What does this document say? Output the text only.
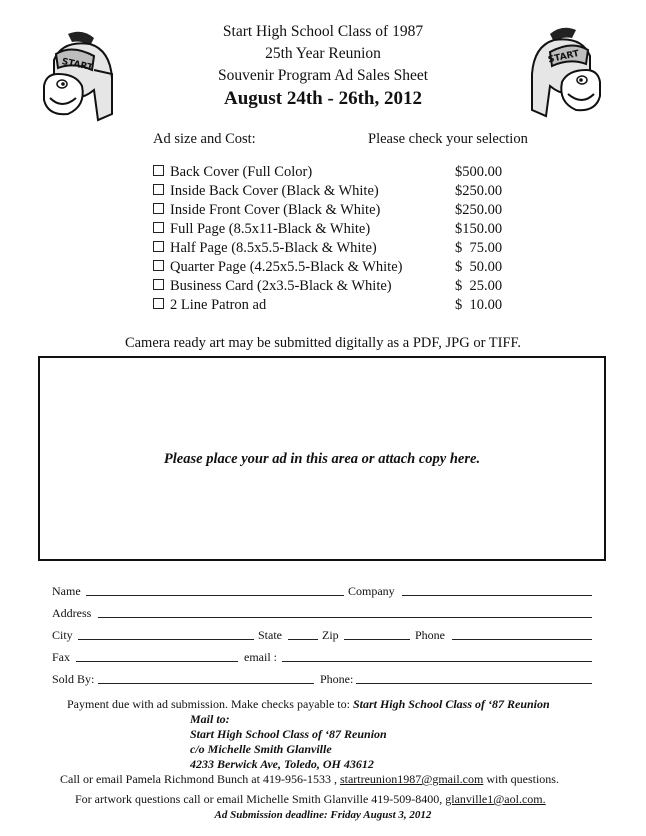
START	START
Start High School Class of 1987
25th Year Reunion
Souvenir Program Ad Sales Sheet
August 24th - 26th, 2012
Ad size and Cost:	Please check your selection
Back Cover (Full Color)	$500.00
Inside Back Cover (Black & White)	$250.00
Inside Front Cover (Black & White)	$250.00
Full Page (8.5x11-Black & White)	$150.00
Half Page (8.5x5.5-Black & White)	$  75.00
Quarter Page (4.25x5.5-Black & White)	$  50.00
Business Card (2x3.5-Black & White)	$  25.00
2 Line Patron ad	$  10.00
Camera ready art may be submitted digitally as a PDF, JPG or TIFF.
Please place your ad in this area or attach copy here.
Name	Company
Address
City	State	Zip	Phone
Fax	email :
Sold By:	Phone:
Payment due with ad submission. Make checks payable to: Start High School Class of ‘87 Reunion
Mail to:
Start High School Class of ‘87 Reunion
c/o Michelle Smith Glanville
4233 Berwick Ave, Toledo, OH 43612
Call or email Pamela Richmond Bunch at 419-956-1533 , startreunion1987@gmail.com with questions.
For artwork questions call or email Michelle Smith Glanville 419-509-8400, glanville1@aol.com.
Ad Submission deadline: Friday August 3, 2012
